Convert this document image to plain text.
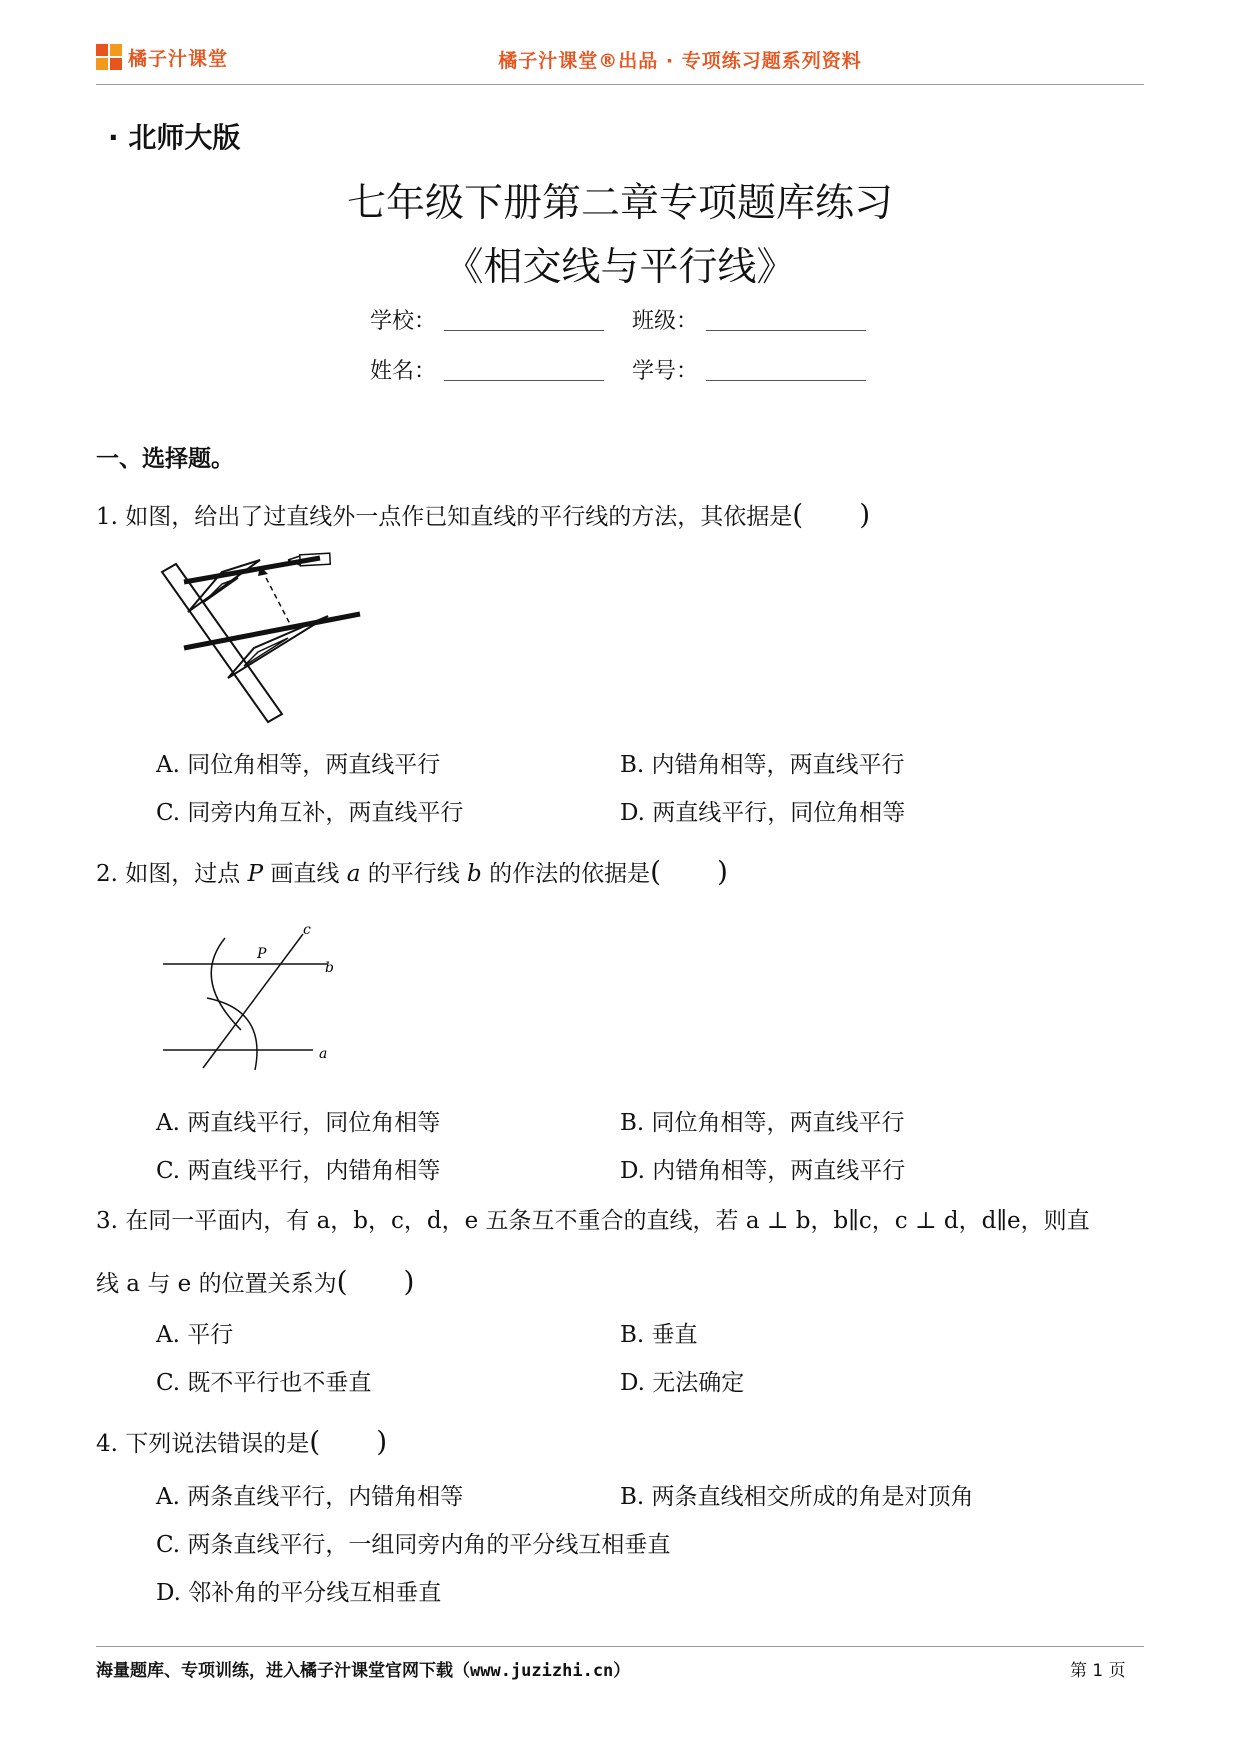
橘子汁课堂	橘子汁课堂®出品 · 专项练习题系列资料
· 北师大版
七年级下册第二章专项题库练习
《相交线与平行线》
学校：	班级：
姓名：	学号：
一、选择题。
1. 如图，给出了过直线外一点作已知直线的平行线的方法，其依据是(　　)
A. 同位角相等，两直线平行	B. 内错角相等，两直线平行
C. 同旁内角互补，两直线平行	D. 两直线平行，同位角相等
2. 如图，过点 P 画直线 a 的平行线 b 的作法的依据是(　　)
c
P
b
a
A. 两直线平行，同位角相等	B. 同位角相等，两直线平行
C. 两直线平行，内错角相等	D. 内错角相等，两直线平行
3. 在同一平面内，有 a，b，c，d，e 五条互不重合的直线，若 a ⊥ b，b∥c，c ⊥ d，d∥e，则直
线 a 与 e 的位置关系为(　　)
A. 平行	B. 垂直
C. 既不平行也不垂直	D. 无法确定
4. 下列说法错误的是(　　)
A. 两条直线平行，内错角相等	B. 两条直线相交所成的角是对顶角
C. 两条直线平行，一组同旁内角的平分线互相垂直
D. 邻补角的平分线互相垂直
海量题库、专项训练，进入橘子汁课堂官网下载（www.juzizhi.cn）	第 1 页
